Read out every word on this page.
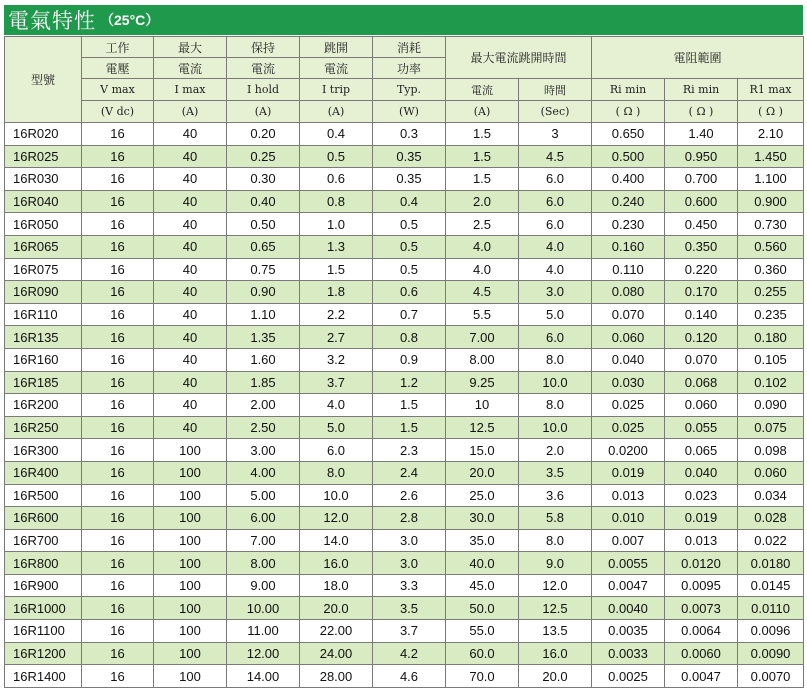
電氣特性 （25°C）
型號	工作	最大	保持	跳開	消耗	最大電流跳開時間		電阻範圍		
	電壓	電流	電流	電流	功率					
	V max	I max	I hold	I trip	Typ.	電流	時間	Ri min	Ri min	R1 max
	(V dc)	(A)	(A)	(A)	(W)	(A)	(Sec)	( Ω )	( Ω )	( Ω )
16R020	16	40	0.20	0.4	0.3	1.5	3	0.650	1.40	2.10
16R025	16	40	0.25	0.5	0.35	1.5	4.5	0.500	0.950	1.450
16R030	16	40	0.30	0.6	0.35	1.5	6.0	0.400	0.700	1.100
16R040	16	40	0.40	0.8	0.4	2.0	6.0	0.240	0.600	0.900
16R050	16	40	0.50	1.0	0.5	2.5	6.0	0.230	0.450	0.730
16R065	16	40	0.65	1.3	0.5	4.0	4.0	0.160	0.350	0.560
16R075	16	40	0.75	1.5	0.5	4.0	4.0	0.110	0.220	0.360
16R090	16	40	0.90	1.8	0.6	4.5	3.0	0.080	0.170	0.255
16R110	16	40	1.10	2.2	0.7	5.5	5.0	0.070	0.140	0.235
16R135	16	40	1.35	2.7	0.8	7.00	6.0	0.060	0.120	0.180
16R160	16	40	1.60	3.2	0.9	8.00	8.0	0.040	0.070	0.105
16R185	16	40	1.85	3.7	1.2	9.25	10.0	0.030	0.068	0.102
16R200	16	40	2.00	4.0	1.5	10	8.0	0.025	0.060	0.090
16R250	16	40	2.50	5.0	1.5	12.5	10.0	0.025	0.055	0.075
16R300	16	100	3.00	6.0	2.3	15.0	2.0	0.0200	0.065	0.098
16R400	16	100	4.00	8.0	2.4	20.0	3.5	0.019	0.040	0.060
16R500	16	100	5.00	10.0	2.6	25.0	3.6	0.013	0.023	0.034
16R600	16	100	6.00	12.0	2.8	30.0	5.8	0.010	0.019	0.028
16R700	16	100	7.00	14.0	3.0	35.0	8.0	0.007	0.013	0.022
16R800	16	100	8.00	16.0	3.0	40.0	9.0	0.0055	0.0120	0.0180
16R900	16	100	9.00	18.0	3.3	45.0	12.0	0.0047	0.0095	0.0145
16R1000	16	100	10.00	20.0	3.5	50.0	12.5	0.0040	0.0073	0.0110
16R1100	16	100	11.00	22.00	3.7	55.0	13.5	0.0035	0.0064	0.0096
16R1200	16	100	12.00	24.00	4.2	60.0	16.0	0.0033	0.0060	0.0090
16R1400	16	100	14.00	28.00	4.6	70.0	20.0	0.0025	0.0047	0.0070
